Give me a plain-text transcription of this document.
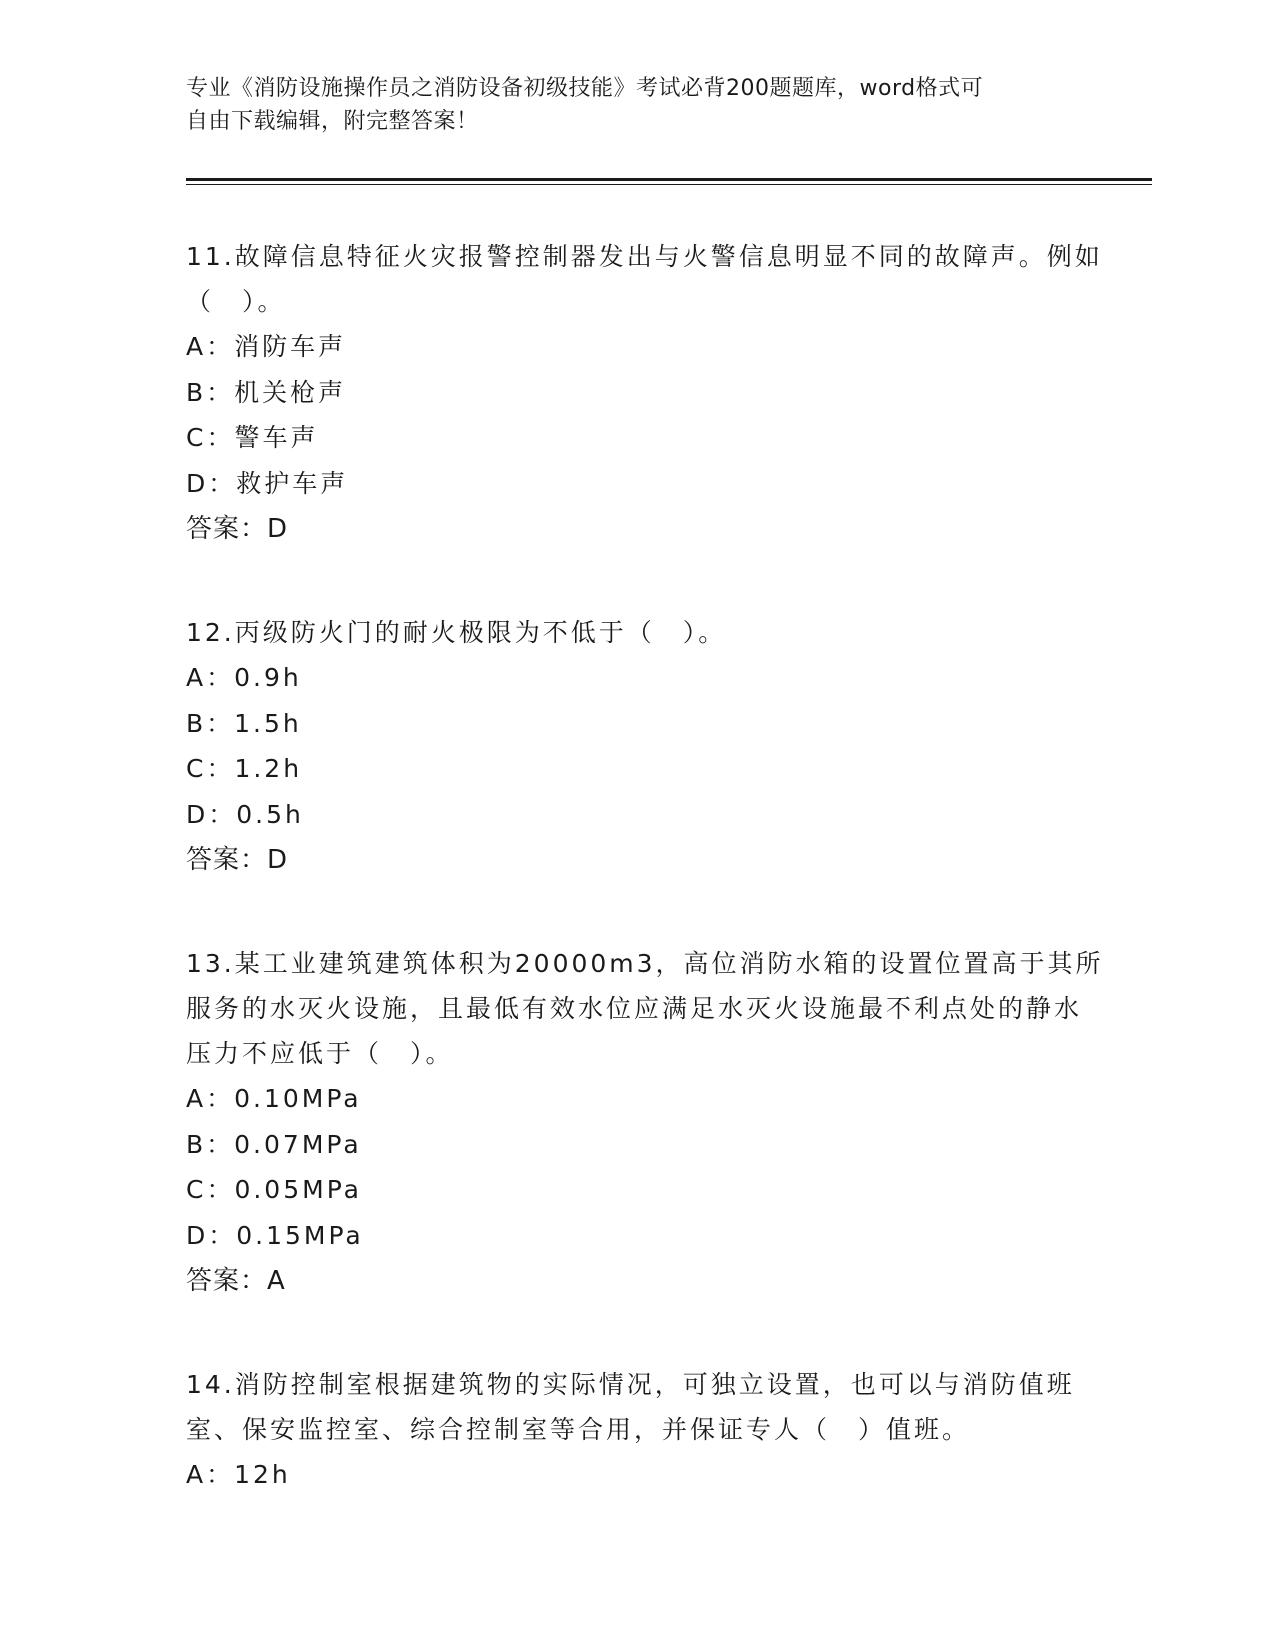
专业《消防设施操作员之消防设备初级技能》考试必背200题题库，word格式可
自由下载编辑，附完整答案！

11.故障信息特征火灾报警控制器发出与火警信息明显不同的故障声。例如（　）。

A：消防车声

B：机关枪声

C：警车声

D：救护车声

答案：D

12.丙级防火门的耐火极限为不低于（　）。

A：0.9h

B：1.5h

C：1.2h

D：0.5h

答案：D

13.某工业建筑建筑体积为20000m3，高位消防水箱的设置位置高于其所服务的水灭火设施，且最低有效水位应满足水灭火设施最不利点处的静水压力不应低于（　）。

A：0.10MPa

B：0.07MPa

C：0.05MPa

D：0.15MPa

答案：A

14.消防控制室根据建筑物的实际情况，可独立设置，也可以与消防值班室、保安监控室、综合控制室等合用，并保证专人（　）值班。

A：12h
